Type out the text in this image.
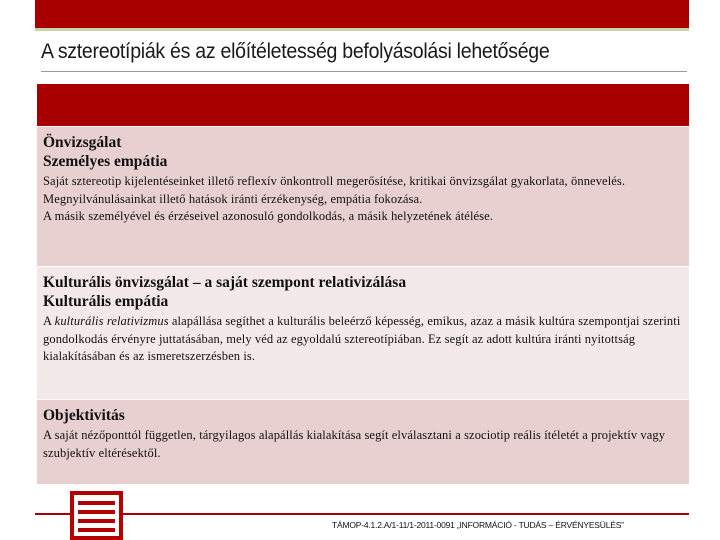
A sztereotípiák és az előítéletesség befolyásolási lehetősége
Önvizsgálat
Személyes empátia

Saját sztereotip kijelentéseinket illető reflexív önkontroll megerősítése, kritikai önvizsgálat gyakorlata, önnevelés.

Megnyilvánulásainkat illető hatások iránti érzékenység, empátia fokozása.

A másik személyével és érzéseivel azonosuló gondolkodás, a másik helyzetének átélése.

Kulturális önvizsgálat – a saját szempont relativizálása
Kulturális empátia
A kulturális relativizmus alapállása segíthet a kulturális beleérző képesség, emikus, azaz a másik kultúra szempontjai szerinti gondolkodás érvényre juttatásában, mely véd az egyoldalú sztereotípiában. Ez segít az adott kultúra iránti nyitottság kialakításában és az ismeretszerzésben is.
Objektivitás
A saját nézőponttól független, tárgyilagos alapállás kialakítása segít elválasztani a szociotip reális ítéletét a projektív vagy szubjektív eltérésektől.
TÁMOP-4.1.2.A/1-11/1-2011-0091 „INFORMÁCIÓ - TUDÁS – ÉRVÉNYESÜLÉS”
